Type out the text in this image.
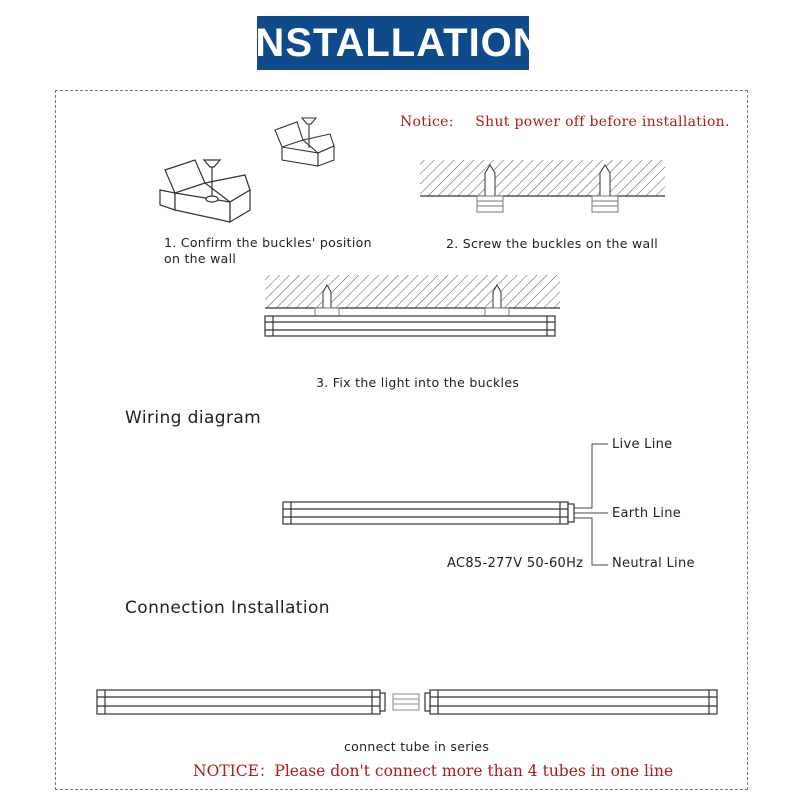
INSTALLATION
Notice: Shut power off before installation.
1. Confirm the buckles' position
on the wall
2. Screw the buckles on the wall
3. Fix the light into the buckles
Wiring diagram
Live Line
Earth Line
Neutral Line
AC85-277V 50-60Hz
Connection Installation
connect tube in series
NOTICE：Please don't connect more than 4 tubes in one line
